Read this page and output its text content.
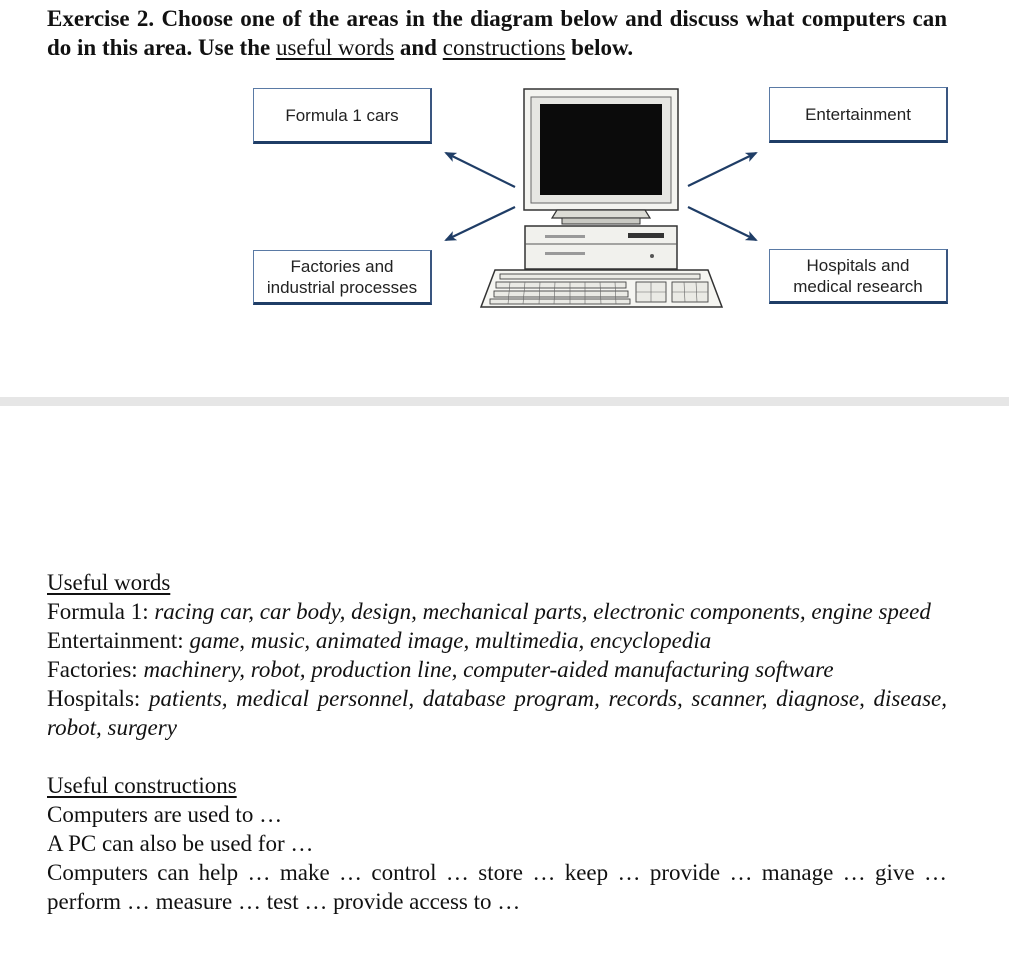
Exercise 2. Choose one of the areas in the diagram below and discuss what computers can do in this area. Use the useful words and constructions below.
Formula 1 cars
Factories and
industrial processes
Entertainment
Hospitals and
medical research
Useful words
Formula 1: racing car, car body, design, mechanical parts, electronic components, engine speed
Entertainment: game, music, animated image, multimedia, encyclopedia
Factories: machinery, robot, production line, computer-aided manufacturing software
Hospitals: patients, medical personnel, database program, records, scanner, diagnose, disease, robot, surgery
Useful constructions
Computers are used to …
A PC can also be used for …
Computers can help … make … control … store … keep … provide … manage … give … perform … measure … test … provide access to …
